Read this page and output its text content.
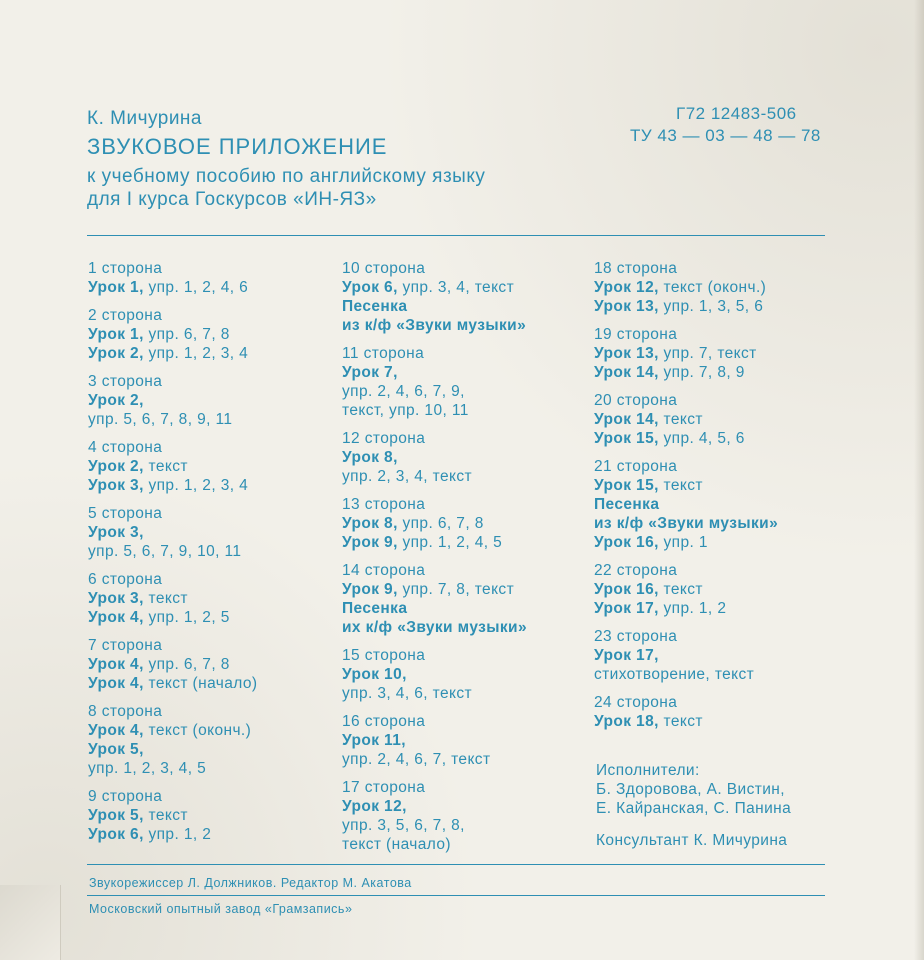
К. Мичурина
ЗВУКОВОЕ ПРИЛОЖЕНИЕ
к учебному пособию по английскому языку
для I курса Госкурсов «ИН-ЯЗ»
Г72 12483-506
ТУ 43 — 03 — 48 — 78
1 сторона
Урок 1, упр. 1, 2, 4, 6
2 сторона
Урок 1, упр. 6, 7, 8
Урок 2, упр. 1, 2, 3, 4
3 сторона
Урок 2,
упр. 5, 6, 7, 8, 9, 11
4 сторона
Урок 2, текст
Урок 3, упр. 1, 2, 3, 4
5 сторона
Урок 3,
упр. 5, 6, 7, 9, 10, 11
6 сторона
Урок 3, текст
Урок 4, упр. 1, 2, 5
7 сторона
Урок 4, упр. 6, 7, 8
Урок 4, текст (начало)
8 сторона
Урок 4, текст (оконч.)
Урок 5,
упр. 1, 2, 3, 4, 5
9 сторона
Урок 5, текст
Урок 6, упр. 1, 2
10 сторона
Урок 6, упр. 3, 4, текст
Песенка
из к/ф «Звуки музыки»
11 сторона
Урок 7,
упр. 2, 4, 6, 7, 9,
текст, упр. 10, 11
12 сторона
Урок 8,
упр. 2, 3, 4, текст
13 сторона
Урок 8, упр. 6, 7, 8
Урок 9, упр. 1, 2, 4, 5
14 сторона
Урок 9, упр. 7, 8, текст
Песенка
их к/ф «Звуки музыки»
15 сторона
Урок 10,
упр. 3, 4, 6, текст
16 сторона
Урок 11,
упр. 2, 4, 6, 7, текст
17 сторона
Урок 12,
упр. 3, 5, 6, 7, 8,
текст (начало)
18 сторона
Урок 12, текст (оконч.)
Урок 13, упр. 1, 3, 5, 6
19 сторона
Урок 13, упр. 7, текст
Урок 14, упр. 7, 8, 9
20 сторона
Урок 14, текст
Урок 15, упр. 4, 5, 6
21 сторона
Урок 15, текст
Песенка
из к/ф «Звуки музыки»
Урок 16, упр. 1
22 сторона
Урок 16, текст
Урок 17, упр. 1, 2
23 сторона
Урок 17,
стихотворение, текст
24 сторона
Урок 18, текст
Исполнители:
Б. Здоровова, А. Вистин,
Е. Кайранская, С. Панина
Консультант К. Мичурина
Звукорежиссер Л. Должников. Редактор М. Акатова
Московский опытный завод «Грамзапись»
